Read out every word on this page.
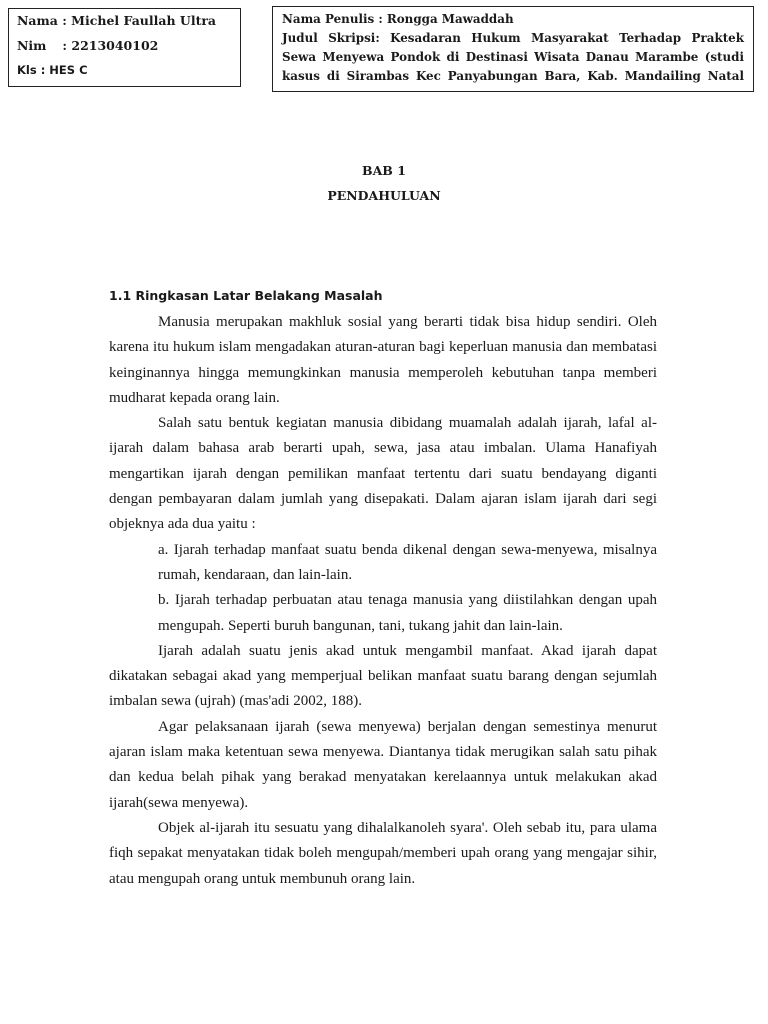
Nama : Michel Faullah Ultra
Nim : 2213040102
Kls : HES C
Nama Penulis : Rongga Mawaddah
Judul Skripsi: Kesadaran Hukum Masyarakat Terhadap Praktek
Sewa Menyewa Pondok di Destinasi Wisata Danau Marambe (studi
kasus di Sirambas Kec Panyabungan Bara, Kab. Mandailing Natal
BAB 1
PENDAHULUAN
1.1 Ringkasan Latar Belakang Masalah

Manusia merupakan makhluk sosial yang berarti tidak bisa hidup sendiri. Oleh karena itu hukum islam mengadakan aturan-aturan bagi keperluan manusia dan membatasi keinginannya hingga memungkinkan manusia memperoleh kebutuhan tanpa memberi mudharat kepada orang lain.

Salah satu bentuk kegiatan manusia dibidang muamalah adalah ijarah, lafal al-ijarah dalam bahasa arab berarti upah, sewa, jasa atau imbalan. Ulama Hanafiyah mengartikan ijarah dengan pemilikan manfaat tertentu dari suatu bendayang diganti dengan pembayaran dalam jumlah yang disepakati. Dalam ajaran islam ijarah dari segi objeknya ada dua yaitu :

a. Ijarah terhadap manfaat suatu benda dikenal dengan sewa-menyewa, misalnya rumah, kendaraan, dan lain-lain.

b. Ijarah terhadap perbuatan atau tenaga manusia yang diistilahkan dengan upah mengupah. Seperti buruh bangunan, tani, tukang jahit dan lain-lain.

Ijarah adalah suatu jenis akad untuk mengambil manfaat. Akad ijarah dapat dikatakan sebagai akad yang memperjual belikan manfaat suatu barang dengan sejumlah imbalan sewa (ujrah) (mas'adi 2002, 188).

Agar pelaksanaan ijarah (sewa menyewa) berjalan dengan semestinya menurut ajaran islam maka ketentuan sewa menyewa. Diantanya tidak merugikan salah satu pihak dan kedua belah pihak yang berakad menyatakan kerelaannya untuk melakukan akad ijarah(sewa menyewa).

Objek al-ijarah itu sesuatu yang dihalalkanoleh syara'. Oleh sebab itu, para ulama fiqh sepakat menyatakan tidak boleh mengupah/memberi upah orang yang mengajar sihir, atau mengupah orang untuk membunuh orang lain.
